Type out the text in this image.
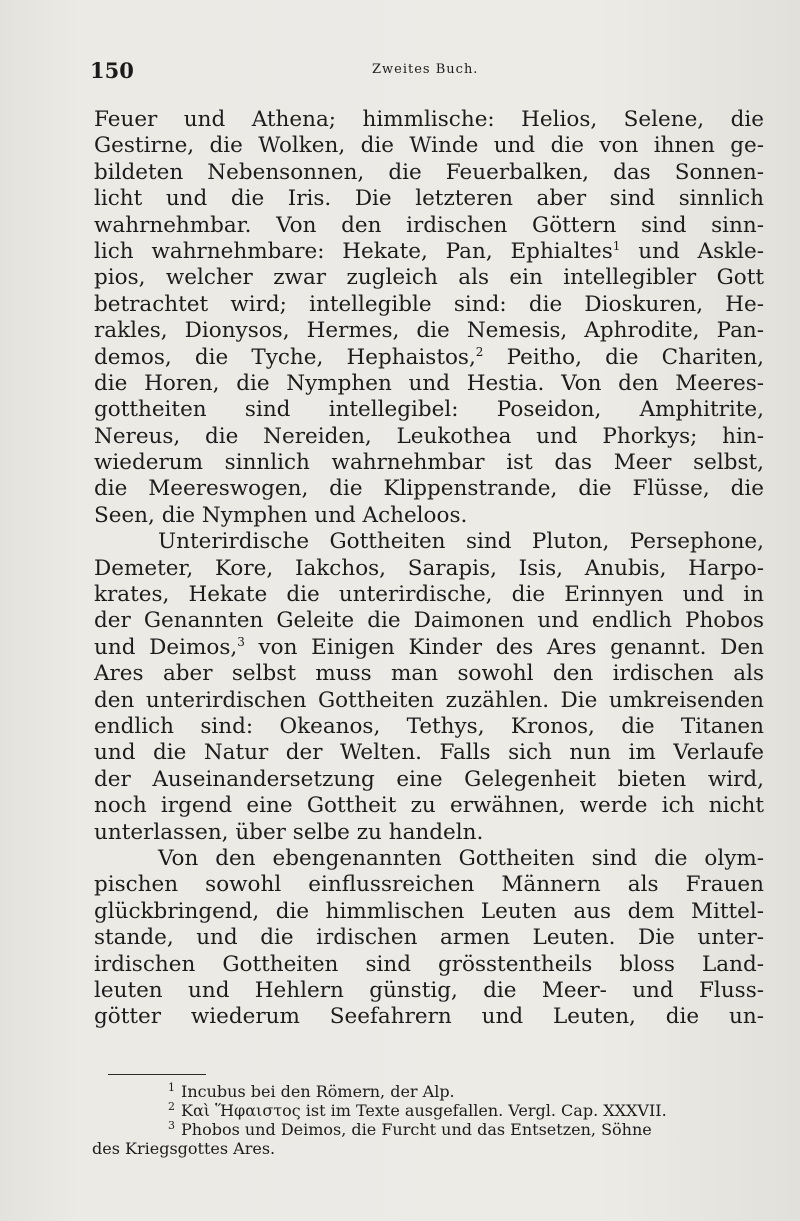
150	Zweites Buch.
Feuer und Athena; himmlische: Helios, Selene, die
Gestirne, die Wolken, die Winde und die von ihnen ge-
bildeten Nebensonnen, die Feuerbalken, das Sonnen-
licht und die Iris. Die letzteren aber sind sinnlich
wahrnehmbar. Von den irdischen Göttern sind sinn-
lich wahrnehmbare: Hekate, Pan, Ephialtes$^1$ und Askle-
pios, welcher zwar zugleich als ein intellegibler Gott
betrachtet wird; intellegible sind: die Dioskuren, He-
rakles, Dionysos, Hermes, die Nemesis, Aphrodite, Pan-
demos, die Tyche, Hephaistos,$^2$ Peitho, die Chariten,
die Horen, die Nymphen und Hestia. Von den Meeres-
gottheiten sind intellegibel: Poseidon, Amphitrite,
Nereus, die Nereiden, Leukothea und Phorkys; hin-
wiederum sinnlich wahrnehmbar ist das Meer selbst,
die Meereswogen, die Klippenstrande, die Flüsse, die
Seen, die Nymphen und Acheloos.
Unterirdische Gottheiten sind Pluton, Persephone,
Demeter, Kore, Iakchos, Sarapis, Isis, Anubis, Harpo-
krates, Hekate die unterirdische, die Erinnyen und in
der Genannten Geleite die Daimonen und endlich Phobos
und Deimos,$^3$ von Einigen Kinder des Ares genannt. Den
Ares aber selbst muss man sowohl den irdischen als
den unterirdischen Gottheiten zuzählen. Die umkreisenden
endlich sind: Okeanos, Tethys, Kronos, die Titanen
und die Natur der Welten. Falls sich nun im Verlaufe
der Auseinandersetzung eine Gelegenheit bieten wird,
noch irgend eine Gottheit zu erwähnen, werde ich nicht
unterlassen, über selbe zu handeln.
Von den ebengenannten Gottheiten sind die olym-
pischen sowohl einflussreichen Männern als Frauen
glückbringend, die himmlischen Leuten aus dem Mittel-
stande, und die irdischen armen Leuten. Die unter-
irdischen Gottheiten sind grösstentheils bloss Land-
leuten und Hehlern günstig, die Meer- und Fluss-
götter wiederum Seefahrern und Leuten, die un-
$^1$ Incubus bei den Römern, der Alp.
$^2$ Καὶ Ἥφαιστος ist im Texte ausgefallen. Vergl. Cap. XXXVII.
$^3$ Phobos und Deimos, die Furcht und das Entsetzen, Söhne
des Kriegsgottes Ares.
